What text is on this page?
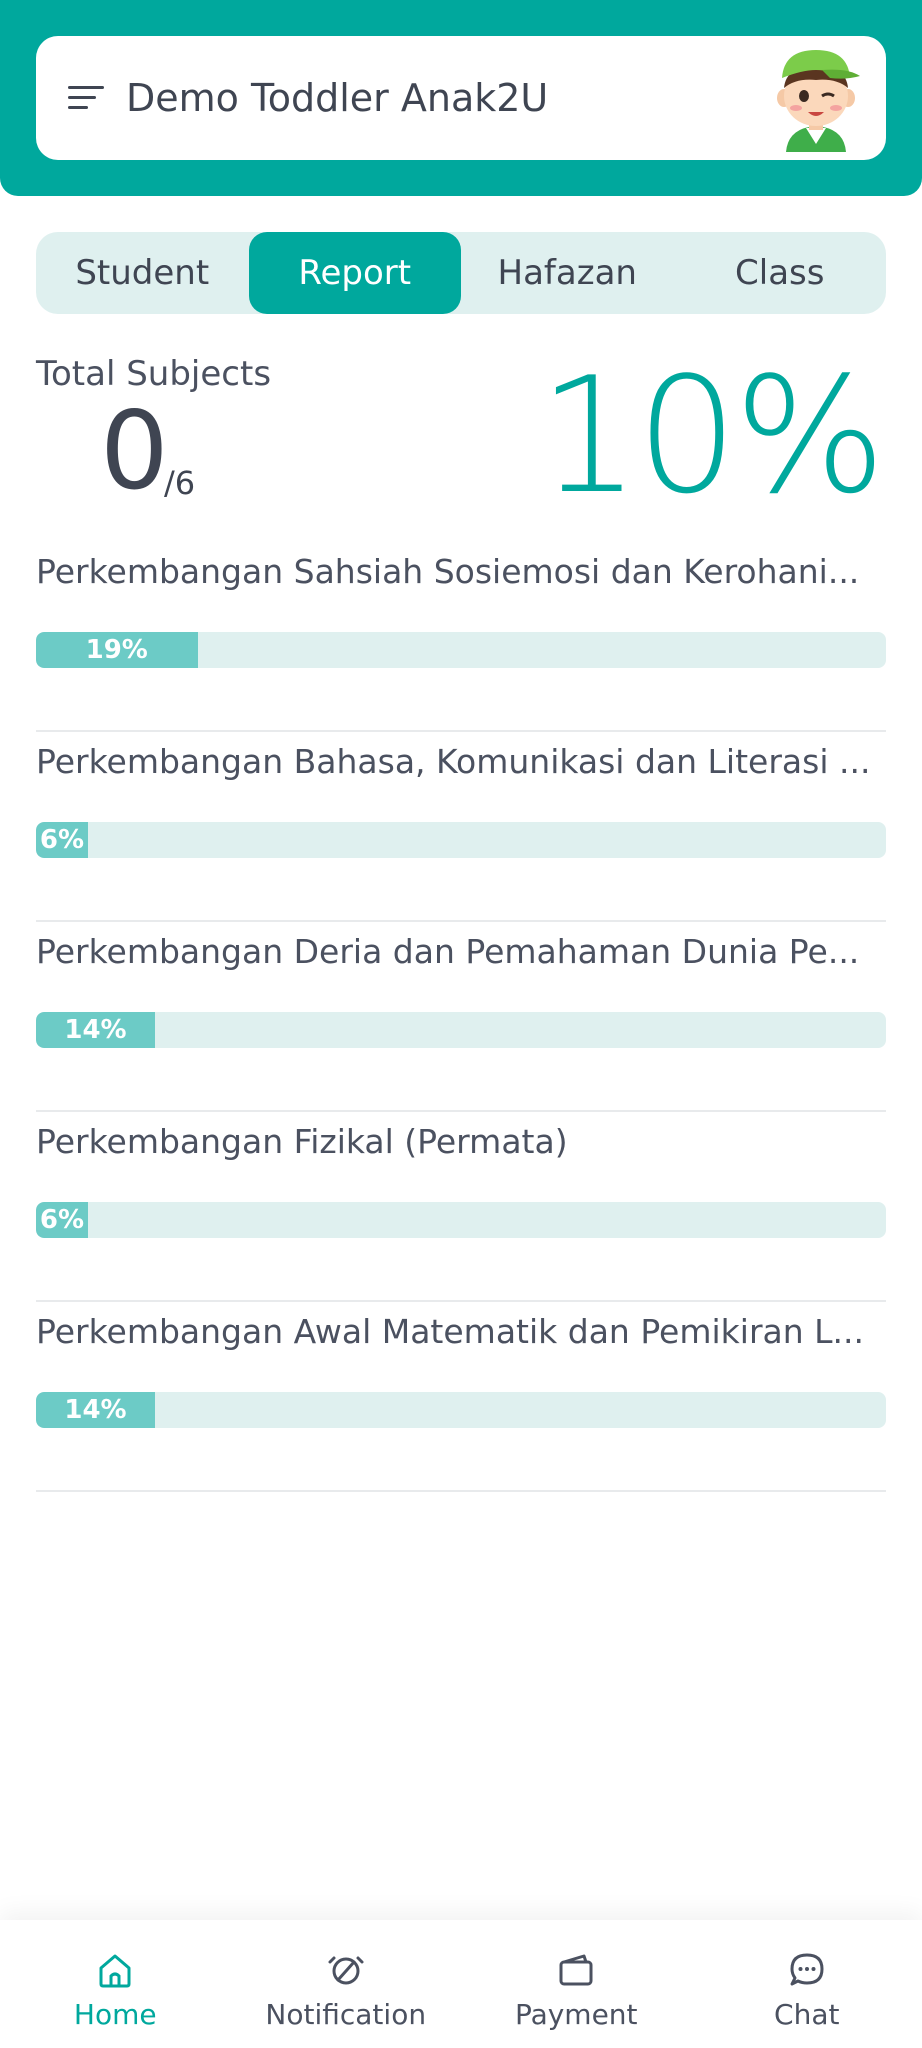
Demo Toddler Anak2U
Student	Report	Hafazan	Class
Total Subjects
0
/6 10%
Perkembangan Sahsiah Sosiemosi dan Kerohani...
19%
Perkembangan Bahasa, Komunikasi dan Literasi ...
6%
Perkembangan Deria dan Pemahaman Dunia Pe...
14%
Perkembangan Fizikal (Permata)
6%
Perkembangan Awal Matematik dan Pemikiran L...
14%
Home	Notification	Payment	Chat
